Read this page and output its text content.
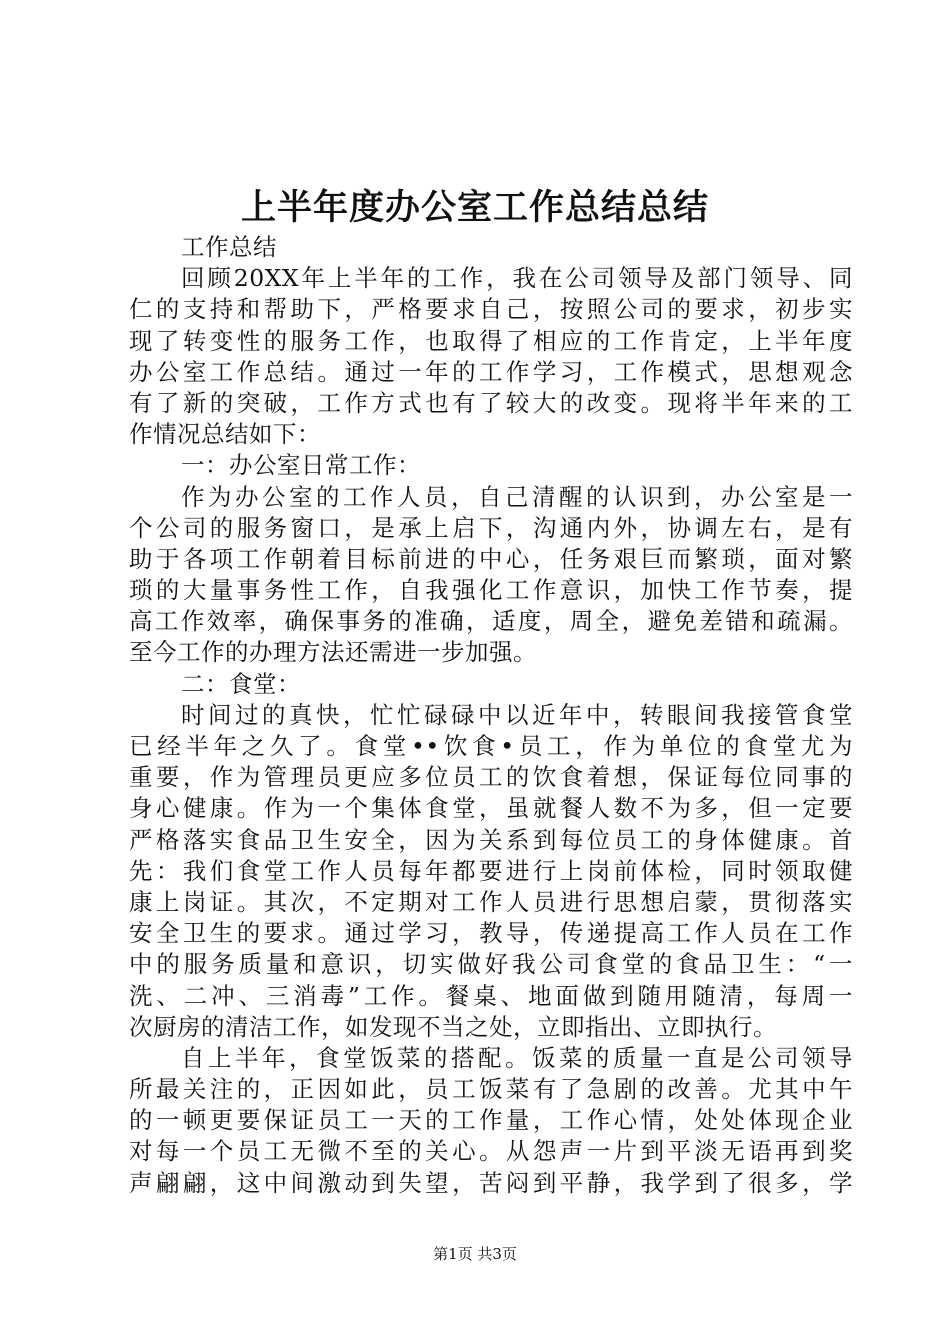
上半年度办公室工作总结总结
工作总结
回顾20XX年上半年的工作，我在公司领导及部门领导、同
仁的支持和帮助下，严格要求自己，按照公司的要求，初步实
现了转变性的服务工作，也取得了相应的工作肯定，上半年度
办公室工作总结。通过一年的工作学习，工作模式，思想观念
有了新的突破，工作方式也有了较大的改变。现将半年来的工
作情况总结如下：
一：办公室日常工作：
作为办公室的工作人员，自己清醒的认识到，办公室是一
个公司的服务窗口，是承上启下，沟通内外，协调左右，是有
助于各项工作朝着目标前进的中心，任务艰巨而繁琐，面对繁
琐的大量事务性工作，自我强化工作意识，加快工作节奏，提
高工作效率，确保事务的准确，适度，周全，避免差错和疏漏。
至今工作的办理方法还需进一步加强。
二：食堂：
时间过的真快，忙忙碌碌中以近年中，转眼间我接管食堂
已经半年之久了。食堂••饮食•员工，作为单位的食堂尤为
重要，作为管理员更应多位员工的饮食着想，保证每位同事的
身心健康。作为一个集体食堂，虽就餐人数不为多，但一定要
严格落实食品卫生安全，因为关系到每位员工的身体健康。首
先：我们食堂工作人员每年都要进行上岗前体检，同时领取健
康上岗证。其次，不定期对工作人员进行思想启蒙，贯彻落实
安全卫生的要求。通过学习，教导，传递提高工作人员在工作
中的服务质量和意识，切实做好我公司食堂的食品卫生：“一
洗、二冲、三消毒”工作。餐桌、地面做到随用随清，每周一
次厨房的清洁工作，如发现不当之处，立即指出、立即执行。
自上半年，食堂饭菜的搭配。饭菜的质量一直是公司领导
所最关注的，正因如此，员工饭菜有了急剧的改善。尤其中午
的一顿更要保证员工一天的工作量，工作心情，处处体现企业
对每一个员工无微不至的关心。从怨声一片到平淡无语再到奖
声翩翩，这中间激动到失望，苦闷到平静，我学到了很多，学
第1页 共3页
